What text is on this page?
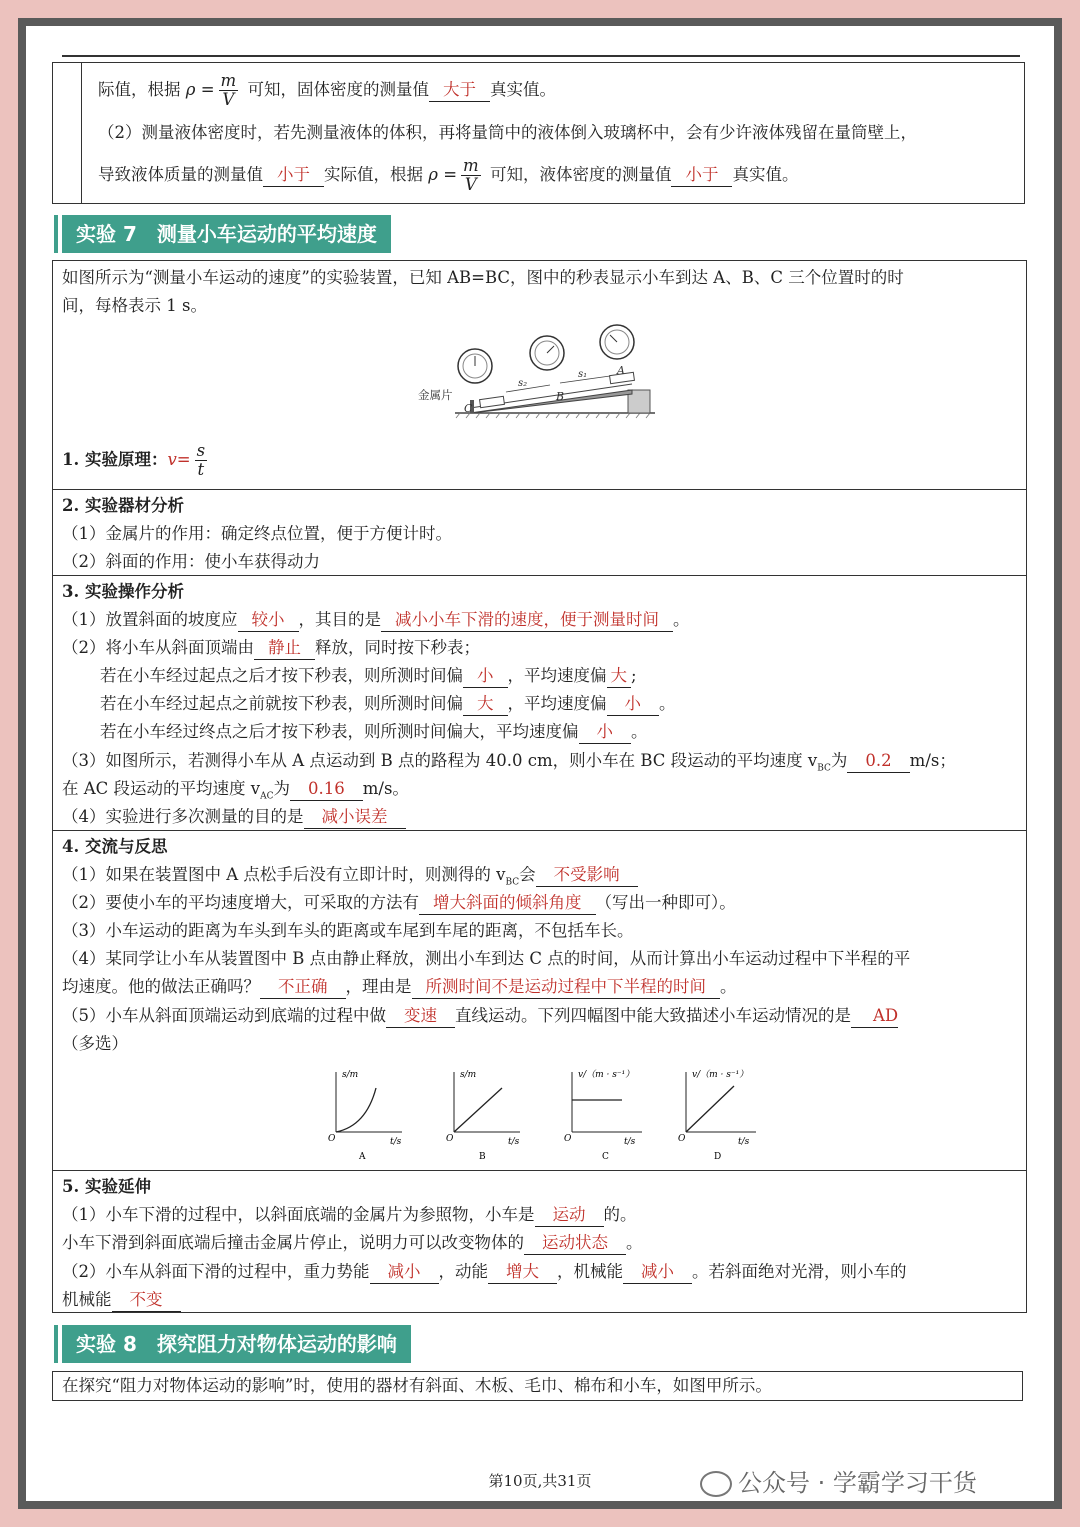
际值，根据 $\rho = \frac{m}{V}$ 可知，固体密度的测量值 大于 真实值。
（2）测量液体密度时，若先测量液体的体积，再将量筒中的液体倒入玻璃杯中，会有少许液体残留在量筒壁上，
导致液体质量的测量值 小于 实际值，根据 $\rho = \frac{m}{V}$ 可知，液体密度的测量值 小于 真实值。
实验 7　测量小车运动的平均速度
如图所示为“测量小车运动的速度”的实验装置，已知 AB=BC，图中的秒表显示小车到达 A、B、C 三个位置时的时
间，每格表示 1 s。
金属片
C
B
A
s₂
s₁
1. 实验原理：$v= \frac{s}{t}$
2. 实验器材分析
（1）金属片的作用：确定终点位置，便于方便计时。
（2）斜面的作用：使小车获得动力
3. 实验操作分析
（1）放置斜面的坡度应 较小 ，其目的是 减小小车下滑的速度，便于测量时间 。
（2）将小车从斜面顶端由 静止 释放，同时按下秒表；
若在小车经过起点之后才按下秒表，则所测时间偏 小 ，平均速度偏 大 ;
若在小车经过起点之前就按下秒表，则所测时间偏 大 ，平均速度偏 小 。
若在小车经过终点之后才按下秒表，则所测时间偏大，平均速度偏 小 。
（3）如图所示，若测得小车从 A 点运动到 B 点的路程为 40.0 cm，则小车在 BC 段运动的平均速度 $v_{BC}$为 0.2 m/s；
在 AC 段运动的平均速度 $v_{AC}$为 0.16 m/s。
（4）实验进行多次测量的目的是 减小误差
4. 交流与反思
（1）如果在装置图中 A 点松手后没有立即计时，则测得的 $v_{BC}$会 不受影响
（2）要使小车的平均速度增大，可采取的方法有 增大斜面的倾斜角度 （写出一种即可）。
（3）小车运动的距离为车头到车头的距离或车尾到车尾的距离，不包括车长。
（4）某同学让小车从装置图中 B 点由静止释放，测出小车到达 C 点的时间，从而计算出小车运动过程中下半程的平
均速度。他的做法正确吗？ 不正确 ，理由是 所测时间不是运动过程中下半程的时间 。
（5）小车从斜面顶端运动到底端的过程中做 变速 直线运动。下列四幅图中能大致描述小车运动情况的是 AD
（多选）
s/m
O	t/s
A
s/m
O	t/s
B
v/（m · s⁻¹）
O	t/s
C
v/（m · s⁻¹）
O	t/s
D
5. 实验延伸
（1）小车下滑的过程中，以斜面底端的金属片为参照物，小车是 运动 的。
小车下滑到斜面底端后撞击金属片停止，说明力可以改变物体的 运动状态 。
（2）小车从斜面下滑的过程中，重力势能 减小 ，动能 增大 ，机械能 减小 。若斜面绝对光滑，则小车的
机械能 不变
实验 8　探究阻力对物体运动的影响
在探究“阻力对物体运动的影响”时，使用的器材有斜面、木板、毛巾、棉布和小车，如图甲所示。
第10页,共31页	公众号 · 学霸学习干货
